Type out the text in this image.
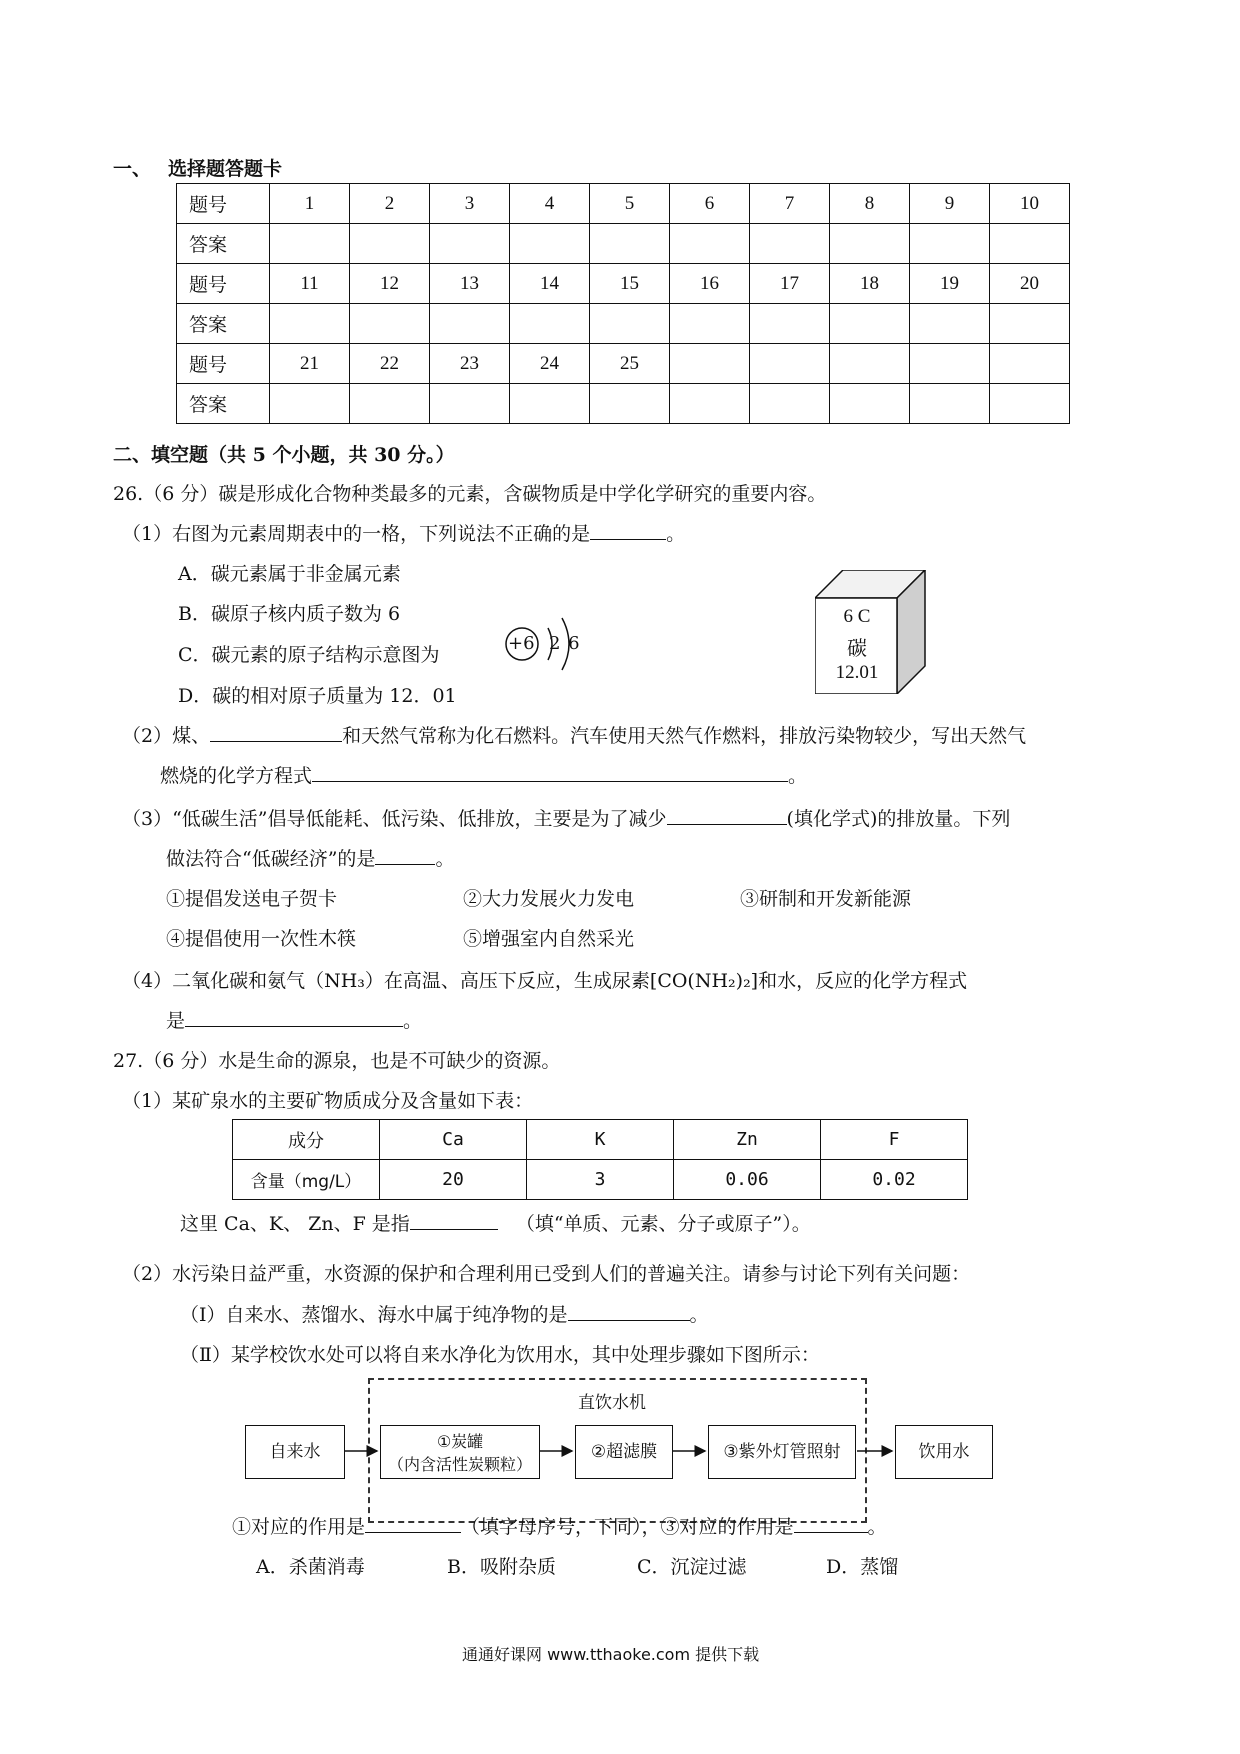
一、 选择题答题卡
题号	1	2	3	4	5	6	7	8	9	10
答案										
题号	11	12	13	14	15	16	17	18	19	20
答案										
题号	21	22	23	24	25					
答案										
二、填空题（共 5 个小题，共 30 分。）
26.（6 分）碳是形成化合物种类最多的元素，含碳物质是中学化学研究的重要内容。
（1）右图为元素周期表中的一格，下列说法不正确的是	。
A．碳元素属于非金属元素
B．碳原子核内质子数为 6
C．碳元素的原子结构示意图为
D．碳的相对原子质量为 12．01
+6 2 6
6 C
碳
12.01
（2）煤、	和天然气常称为化石燃料。汽车使用天然气作燃料，排放污染物较少，写出天然气
燃烧的化学方程式	。
（3）“低碳生活”倡导低能耗、低污染、低排放，主要是为了减少	(填化学式)的排放量。下列
做法符合“低碳经济”的是	。
①提倡发送电子贺卡	②大力发展火力发电	③研制和开发新能源
④提倡使用一次性木筷	⑤增强室内自然采光
（4）二氧化碳和氨气（NH₃）在高温、高压下反应，生成尿素[CO(NH₂)₂]和水，反应的化学方程式
是	。
27.（6 分）水是生命的源泉，也是不可缺少的资源。
（1）某矿泉水的主要矿物质成分及含量如下表：
成分	Ca	K	Zn	F
含量（mg/L）	20	3	0.06	0.02
这里 Ca、K、 Zn、F 是指	（填“单质、元素、分子或原子”）。
（2）水污染日益严重，水资源的保护和合理利用已受到人们的普遍关注。请参与讨论下列有关问题：
（Ⅰ）自来水、蒸馏水、海水中属于纯净物的是	。
（Ⅱ）某学校饮水处可以将自来水净化为饮用水，其中处理步骤如下图所示：
直饮水机
自来水
①炭罐
（内含活性炭颗粒）
②超滤膜	③紫外灯管照射	饮用水
①对应的作用是	（填字母序号，下同），③对应的作用是	。
A．杀菌消毒	B．吸附杂质	C．沉淀过滤	D．蒸馏
通通好课网 www.tthaoke.com 提供下载
